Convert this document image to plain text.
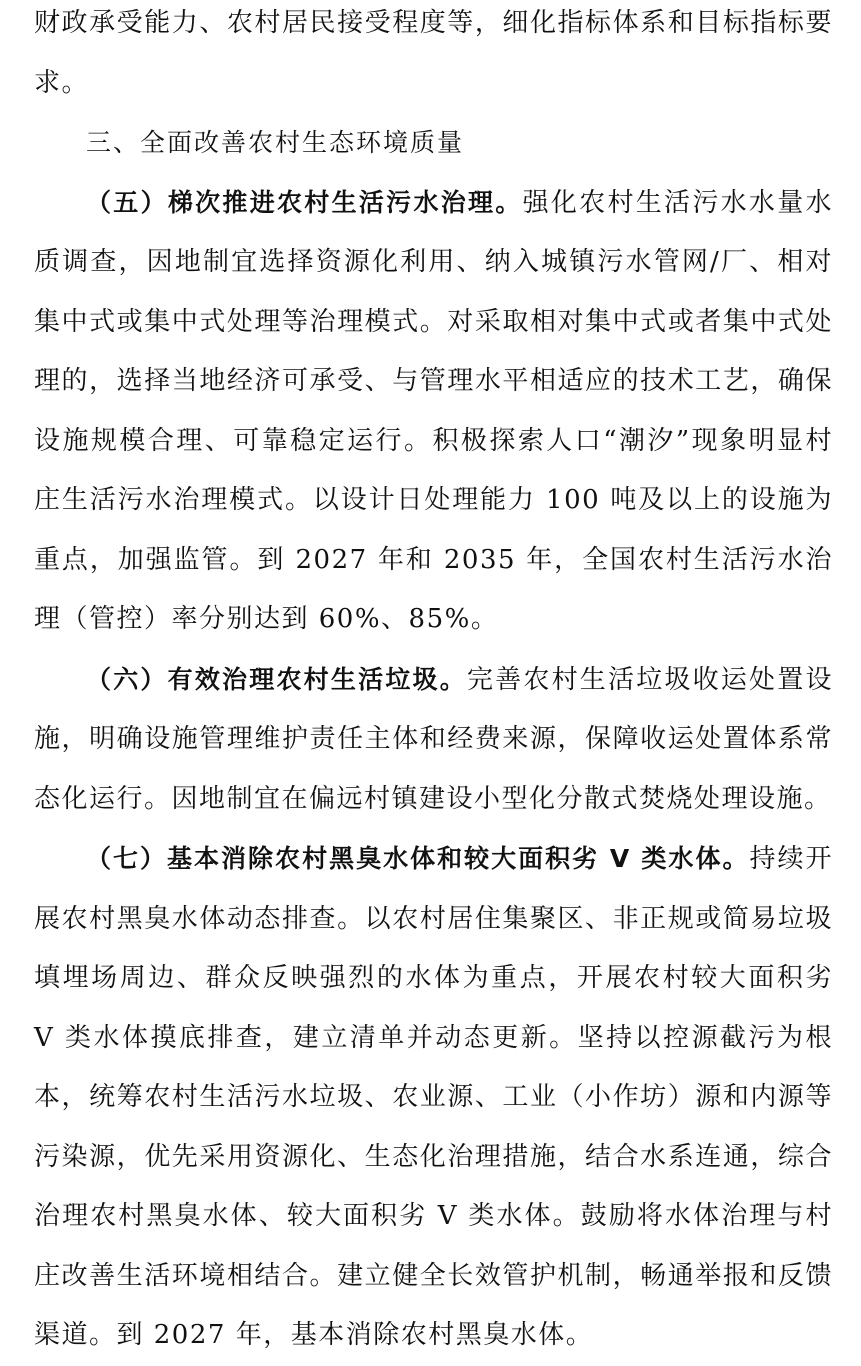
财政承受能力、农村居民接受程度等，细化指标体系和目标指标要求。

三、全面改善农村生态环境质量

（五）梯次推进农村生活污水治理。强化农村生活污水水量水质调查，因地制宜选择资源化利用、纳入城镇污水管网/厂、相对集中式或集中式处理等治理模式。对采取相对集中式或者集中式处理的，选择当地经济可承受、与管理水平相适应的技术工艺，确保设施规模合理、可靠稳定运行。积极探索人口“潮汐”现象明显村庄生活污水治理模式。以设计日处理能力 100 吨及以上的设施为重点，加强监管。到 2027 年和 2035 年，全国农村生活污水治理（管控）率分别达到 60%、85%。

（六）有效治理农村生活垃圾。完善农村生活垃圾收运处置设施，明确设施管理维护责任主体和经费来源，保障收运处置体系常态化运行。因地制宜在偏远村镇建设小型化分散式焚烧处理设施。

（七）基本消除农村黑臭水体和较大面积劣 V 类水体。持续开展农村黑臭水体动态排查。以农村居住集聚区、非正规或简易垃圾填埋场周边、群众反映强烈的水体为重点，开展农村较大面积劣 V 类水体摸底排查，建立清单并动态更新。坚持以控源截污为根本，统筹农村生活污水垃圾、农业源、工业（小作坊）源和内源等污染源，优先采用资源化、生态化治理措施，结合水系连通，综合治理农村黑臭水体、较大面积劣 V 类水体。鼓励将水体治理与村庄改善生活环境相结合。建立健全长效管护机制，畅通举报和反馈渠道。到 2027 年，基本消除农村黑臭水体。
